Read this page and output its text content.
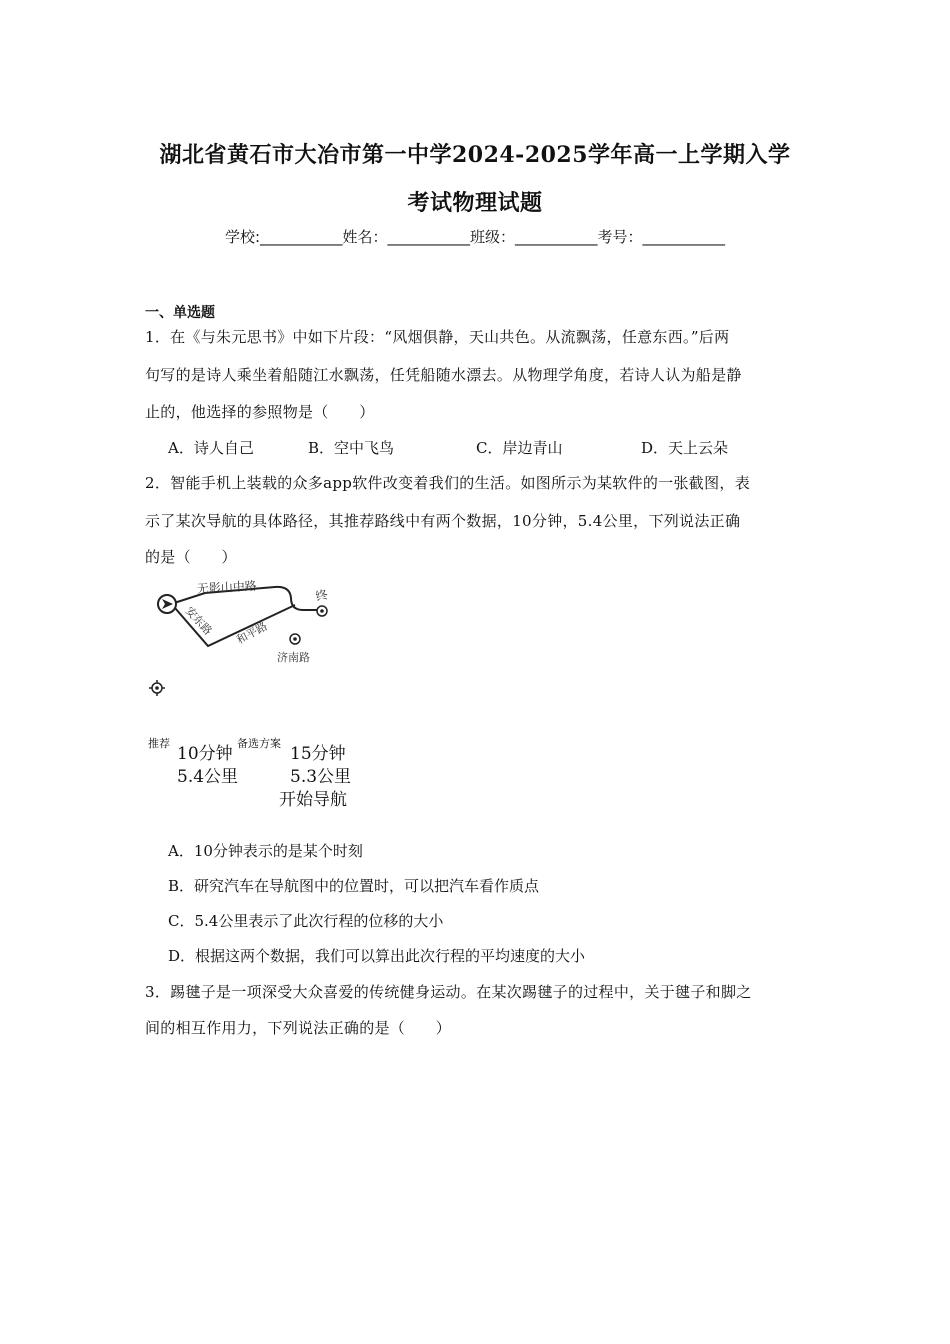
湖北省黄石市大冶市第一中学2024-2025学年高一上学期入学
考试物理试题
学校:___________姓名：___________班级：___________考号：___________
一、单选题
1．在《与朱元思书》中如下片段：“风烟俱静，天山共色。从流飘荡，任意东西。”后两
句写的是诗人乘坐着船随江水飘荡，任凭船随水漂去。从物理学角度，若诗人认为船是静
止的，他选择的参照物是（　　）
A．诗人自己	B．空中飞鸟	C．岸边青山	D．天上云朵
2．智能手机上装载的众多app软件改变着我们的生活。如图所示为某软件的一张截图，表
示了某次导航的具体路径，其推荐路线中有两个数据，10分钟，5.4公里，下列说法正确
的是（　　）
无影山中路
安东路 和平路
济南路
终
推荐
10分钟
5.4公里
备选方案
15分钟
5.3公里
开始导航
A．10分钟表示的是某个时刻
B．研究汽车在导航图中的位置时，可以把汽车看作质点
C．5.4公里表示了此次行程的位移的大小
D．根据这两个数据，我们可以算出此次行程的平均速度的大小
3．踢毽子是一项深受大众喜爱的传统健身运动。在某次踢毽子的过程中，关于毽子和脚之
间的相互作用力，下列说法正确的是（　　）
